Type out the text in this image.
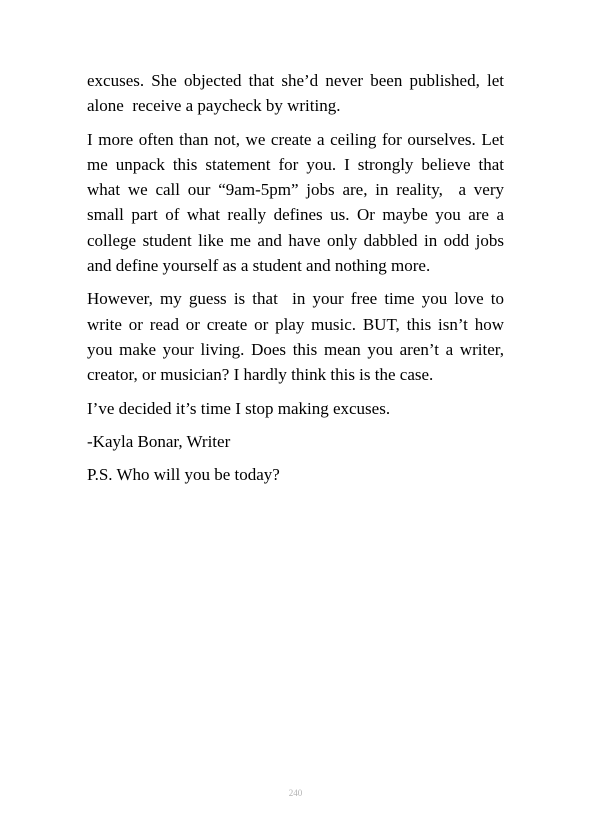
excuses. She objected that she’d never been published, let alone  receive a paycheck by writing.

I more often than not, we create a ceiling for ourselves. Let me unpack this statement for you. I strongly believe that what we call our “9am-5pm” jobs are, in reality,  a very small part of what really defines us. Or maybe you are a college student like me and have only dabbled in odd jobs and define yourself as a student and nothing more.

However, my guess is that  in your free time you love to write or read or create or play music. BUT, this isn’t how you make your living. Does this mean you aren’t a writer, creator, or musician? I hardly think this is the case.

I’ve decided it’s time I stop making excuses.

-Kayla Bonar, Writer

P.S. Who will you be today?

240
